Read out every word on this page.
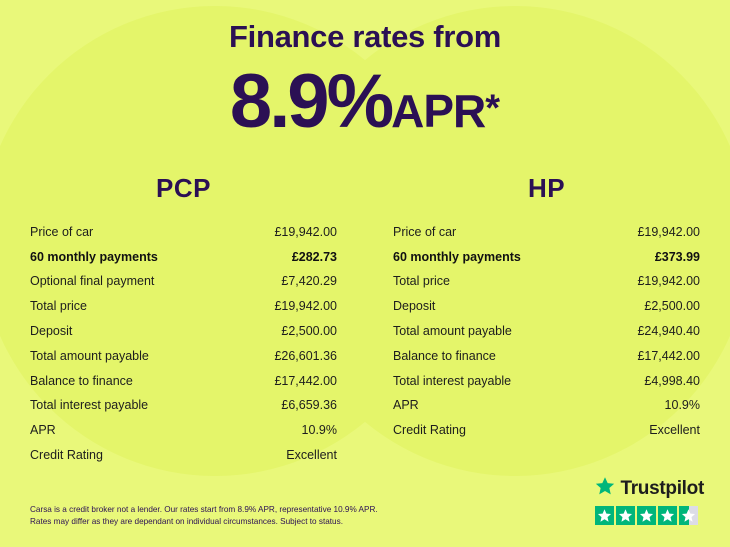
Finance rates from
8.9%APR*
PCP
Price of car	£19,942.00
60 monthly payments	£282.73
Optional final payment	£7,420.29
Total price	£19,942.00
Deposit	£2,500.00
Total amount payable	£26,601.36
Balance to finance	£17,442.00
Total interest payable	£6,659.36
APR	10.9%
Credit Rating	Excellent
HP
Price of car	£19,942.00
60 monthly payments	£373.99
Total price	£19,942.00
Deposit	£2,500.00
Total amount payable	£24,940.40
Balance to finance	£17,442.00
Total interest payable	£4,998.40
APR	10.9%
Credit Rating	Excellent
Carsa is a credit broker not a lender. Our rates start from 8.9% APR, representative 10.9% APR.
Rates may differ as they are dependant on individual circumstances. Subject to status.
Trustpilot
